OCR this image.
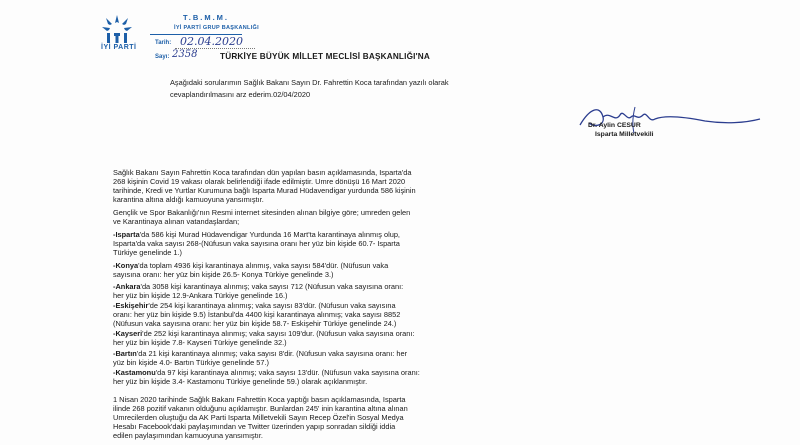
İYİ PARTİ
T.B.M.M.
İYİ PARTİ GRUP BAŞKANLIĞI
Tarih: 02.04.2020
Sayı: 2358	TÜRKİYE BÜYÜK MİLLET MECLİSİ BAŞKANLIĞI'NA
Aşağıdaki sorularımın Sağlık Bakanı Sayın Dr. Fahrettin Koca tarafından yazılı olarak
cevaplandırılmasını arz ederim.02/04/2020
Dr. Aylin CESUR
Isparta Milletvekili
Sağlık Bakanı Sayın Fahrettin Koca tarafından dün yapılan basın açıklamasında, Isparta'da
268 kişinin Covid 19 vakası olarak belirlendiği ifade edilmiştir. Umre dönüşü 16 Mart 2020
tarihinde, Kredi ve Yurtlar Kurumuna bağlı Isparta Murad Hüdavendigar yurdunda 586 kişinin
karantina altına aldığı kamuoyuna yansımıştır.
Gençlik ve Spor Bakanlığı'nın Resmi internet sitesinden alınan bilgiye göre; umreden gelen
ve Karantinaya alınan vatandaşlardan;
-Isparta'da 586 kişi Murad Hüdavendigar Yurdunda 16 Mart'ta karantinaya alınmış olup,
Isparta'da vaka sayısı 268-(Nüfusun vaka sayısına oranı her yüz bin kişide 60.7- Isparta
Türkiye genelinde 1.)
-Konya'da toplam 4936 kişi karantinaya alınmış, vaka sayısı 584'dür. (Nüfusun vaka
sayısına oranı: her yüz bin kişide 26.5- Konya Türkiye genelinde 3.)
-Ankara'da 3058 kişi karantinaya alınmış; vaka sayısı 712 (Nüfusun vaka sayısına oranı:
her yüz bin kişide 12.9-Ankara Türkiye genelinde 16.)
-Eskişehir'de 254 kişi karantinaya alınmış; vaka sayısı 83'dür. (Nüfusun vaka sayısına
oranı: her yüz bin kişide 9.5) İstanbul'da 4400 kişi karantinaya alınmış; vaka sayısı 8852
(Nüfusun vaka sayısına oranı: her yüz bin kişide 58.7- Eskişehir Türkiye genelinde 24.)
-Kayseri'de 252 kişi karantinaya alınmış; vaka sayısı 109'dur. (Nüfusun vaka sayısına oranı:
her yüz bin kişide 7.8- Kayseri Türkiye genelinde 32.)
-Bartın'da 21 kişi karantinaya alınmış; vaka sayısı 8'dir. (Nüfusun vaka sayısına oranı: her
yüz bin kişide 4.0- Bartın Türkiye genelinde 57.)
-Kastamonu'da 97 kişi karantinaya alınmış; vaka sayısı 13'dür. (Nüfusun vaka sayısına oranı:
her yüz bin kişide 3.4- Kastamonu Türkiye genelinde 59.) olarak açıklanmıştır.
1 Nisan 2020 tarihinde Sağlık Bakanı Fahrettin Koca yaptığı basın açıklamasında, Isparta
ilinde 268 pozitif vakanın olduğunu açıklamıştır. Bunlardan 245' inin karantina altına alınan
Umrecilerden oluştuğu da AK Parti Isparta Milletvekili Sayın Recep Özel'in Sosyal Medya
Hesabı Facebook'daki paylaşımından ve Twitter üzerinden yapıp sonradan sildiği iddia
edilen paylaşımından kamuoyuna yansımıştır.
